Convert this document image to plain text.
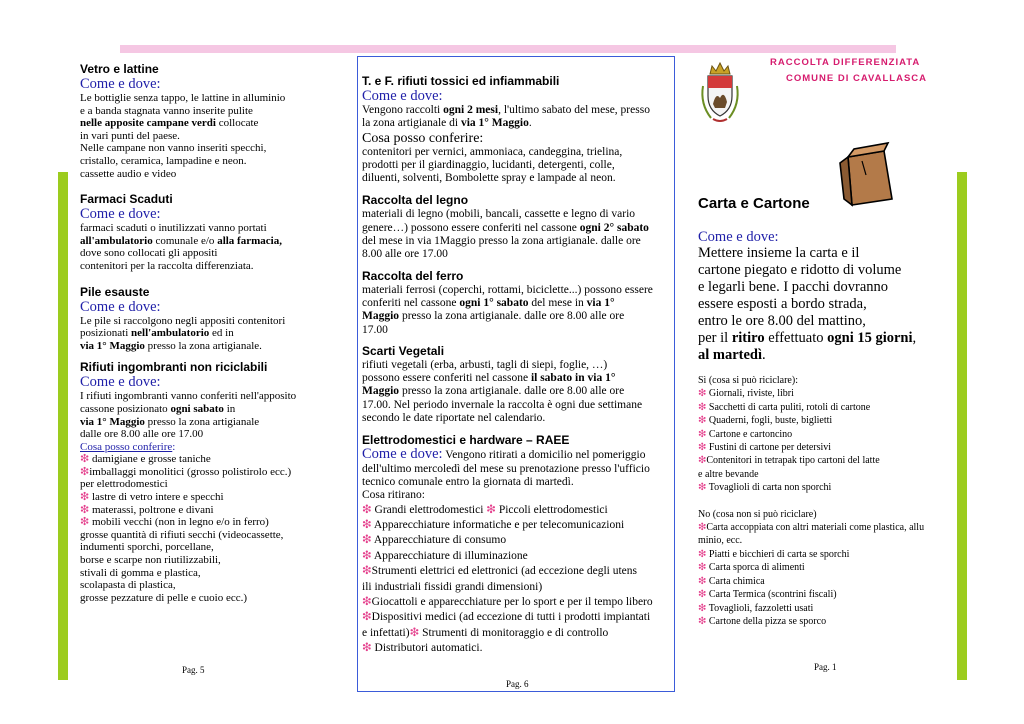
Vetro e lattine

Come e dove:

Le bottiglie senza tappo, le lattine in alluminio

e a banda stagnata vanno inserite pulite

nelle apposite campane verdi collocate

in vari punti del paese.

Nelle campane non vanno inseriti specchi,

cristallo, ceramica, lampadine e neon.

cassette audio e video

Farmaci Scaduti

Come e dove:

farmaci scaduti o inutilizzati vanno portati

all'ambulatorio comunale e/o alla farmacia,

dove sono collocati gli appositi

contenitori per la raccolta differenziata.

Pile esauste

Come e dove:

Le pile si raccolgono negli appositi contenitori

posizionati nell'ambulatorio ed in

via 1° Maggio presso la zona artigianale.

Rifiuti ingombranti non riciclabili

Come e dove:

I rifiuti ingombranti vanno conferiti nell'apposito

cassone posizionato ogni sabato in

via 1° Maggio presso la zona artigianale

dalle ore 8.00 alle ore 17.00

Cosa posso conferire:

❇ damigiane e grosse taniche

❇imballaggi monolitici (grosso polistirolo ecc.)

per elettrodomestici

❇ lastre di vetro intere e specchi

❇ materassi, poltrone e divani

❇ mobili vecchi (non in legno e/o in ferro)

grosse quantità di rifiuti secchi (videocassette,

indumenti sporchi, porcellane,

borse e scarpe non riutilizzabili,

stivali di gomma e plastica,

scolapasta di plastica,

grosse pezzature di pelle e cuoio ecc.)

Pag. 5

T. e F. rifiuti tossici ed infiammabili

Come e dove:

Vengono raccolti ogni 2 mesi, l'ultimo sabato del mese, presso

la zona artigianale di via 1° Maggio.

Cosa posso conferire:

contenitori per vernici, ammoniaca, candeggina, trielina,

prodotti per il giardinaggio, lucidanti, detergenti, colle,

diluenti, solventi, Bombolette spray e lampade al neon.

Raccolta del legno

materiali di legno (mobili, bancali, cassette e legno di vario

genere…) possono essere conferiti nel cassone ogni 2° sabato

del mese in via 1Maggio presso la zona artigianale. dalle ore

8.00 alle ore 17.00

Raccolta del ferro

materiali ferrosi (coperchi, rottami, biciclette...) possono essere

conferiti nel cassone ogni 1° sabato del mese in via 1°

Maggio presso la zona artigianale. dalle ore 8.00 alle ore

17.00

Scarti Vegetali

rifiuti vegetali (erba, arbusti, tagli di siepi, foglie, …)

possono essere conferiti nel cassone il sabato in via 1°

Maggio presso la zona artigianale. dalle ore 8.00 alle ore

17.00. Nel periodo invernale la raccolta è ogni due settimane

secondo le date riportate nel calendario.

Elettrodomestici e hardware – RAEE

Come e dove: Vengono ritirati a domicilio nel pomeriggio

dell'ultimo mercoledì del mese su prenotazione presso l'ufficio

tecnico comunale entro la giornata di martedì.

Cosa ritirano:

❇ Grandi elettrodomestici ❇ Piccoli elettrodomestici

❇ Apparecchiature informatiche e per telecomunicazioni

❇ Apparecchiature di consumo

❇ Apparecchiature di illuminazione

❇Strumenti elettrici ed elettronici (ad eccezione degli utens

ili industriali fissidi grandi dimensioni)

❇Giocattoli e apparecchiature per lo sport e per il tempo libero

❇Dispositivi medici (ad eccezione di tutti i prodotti impiantati

e infettati)❇ Strumenti di monitoraggio e di controllo

❇ Distributori automatici.

Pag. 6
RACCOLTA DIFFERENZIATA
COMUNE DI CAVALLASCA

Carta e Cartone

Come e dove:

Mettere insieme la carta e il

cartone piegato e ridotto di volume

e legarli bene. I pacchi dovranno

essere esposti a bordo strada,

entro le ore 8.00 del mattino,

per il ritiro effettuato ogni 15 giorni,

al martedì.

Sì (cosa si può riciclare):

❇ Giornali, riviste, libri

❇ Sacchetti di carta puliti, rotoli di cartone

❇ Quaderni, fogli, buste, biglietti

❇ Cartone e cartoncino

❇ Fustini di cartone per detersivi

❇Contenitori in tetrapak tipo cartoni del latte

e altre bevande

❇ Tovaglioli di carta non sporchi

No (cosa non si può riciclare)

❇Carta accoppiata con altri materiali come plastica, allu

minio, ecc.

❇ Piatti e bicchieri di carta se sporchi

❇ Carta sporca di alimenti

❇ Carta chimica

❇ Carta Termica (scontrini fiscali)

❇ Tovaglioli, fazzoletti usati

❇ Cartone della pizza se sporco

Pag. 1
